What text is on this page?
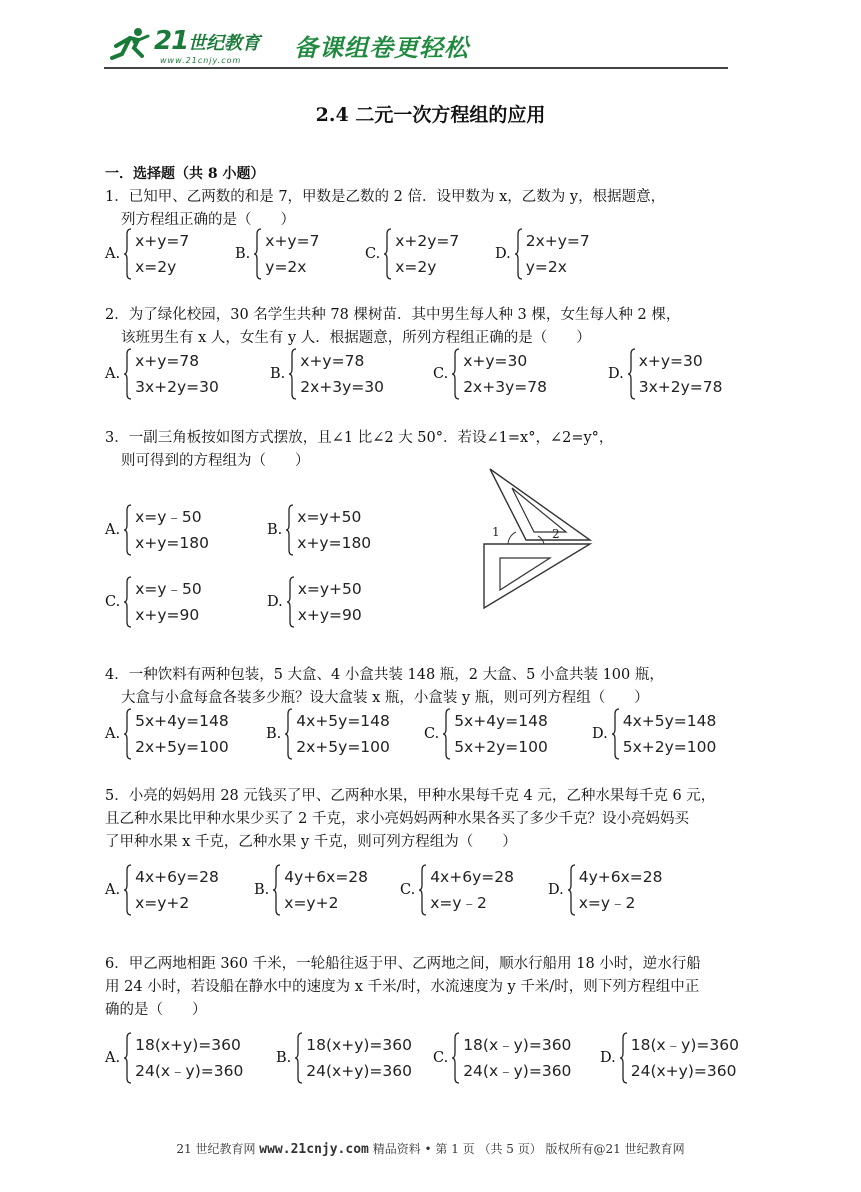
21 世纪教育
www.21cnjy.com 备课组卷更轻松
2.4 二元一次方程组的应用
一．选择题（共 8 小题）
1．已知甲、乙两数的和是 7，甲数是乙数的 2 倍．设甲数为 x，乙数为 y，根据题意，
列方程组正确的是（　　）
A.
x+y=7
x=2y
B.
x+y=7
y=2x
C.
x+2y=7
x=2y
D.
2x+y=7
y=2x
2．为了绿化校园，30 名学生共种 78 棵树苗．其中男生每人种 3 棵，女生每人种 2 棵，
该班男生有 x 人，女生有 y 人．根据题意，所列方程组正确的是（　　）
A.
x+y=78
3x+2y=30
B.
x+y=78
2x+3y=30
C.
x+y=30
2x+3y=78
D.
x+y=30
3x+2y=78
3．一副三角板按如图方式摆放，且∠1 比∠2 大 50°．若设∠1=x°，∠2=y°，
则可得到的方程组为（　　）
A.
x=y﹣50
x+y=180
B.
x=y+50
x+y=180
C.
x=y﹣50
x+y=90
D.
x=y+50
x+y=90
1	2
4．一种饮料有两种包装，5 大盒、4 小盒共装 148 瓶，2 大盒、5 小盒共装 100 瓶，
大盒与小盒每盒各装多少瓶？设大盒装 x 瓶，小盒装 y 瓶，则可列方程组（　　）
A.
5x+4y=148
2x+5y=100
B.
4x+5y=148
2x+5y=100
C.
5x+4y=148
5x+2y=100
D.
4x+5y=148
5x+2y=100
5．小亮的妈妈用 28 元钱买了甲、乙两种水果，甲种水果每千克 4 元，乙种水果每千克 6 元，
且乙种水果比甲种水果少买了 2 千克，求小亮妈妈两种水果各买了多少千克？设小亮妈妈买
了甲种水果 x 千克，乙种水果 y 千克，则可列方程组为（　　）
A.
4x+6y=28
x=y+2
B.
4y+6x=28
x=y+2
C.
4x+6y=28
x=y﹣2
D.
4y+6x=28
x=y﹣2
6．甲乙两地相距 360 千米，一轮船往返于甲、乙两地之间，顺水行船用 18 小时，逆水行船
用 24 小时，若设船在静水中的速度为 x 千米/时，水流速度为 y 千米/时，则下列方程组中正
确的是（　　）
A.
18(x+y)=360
24(x﹣y)=360
B.
18(x+y)=360
24(x+y)=360
C.
18(x﹣y)=360
24(x﹣y)=360
D.
18(x﹣y)=360
24(x+y)=360
21 世纪教育网 www.21cnjy.com 精品资料 • 第 1 页 （共 5 页） 版权所有@21 世纪教育网
